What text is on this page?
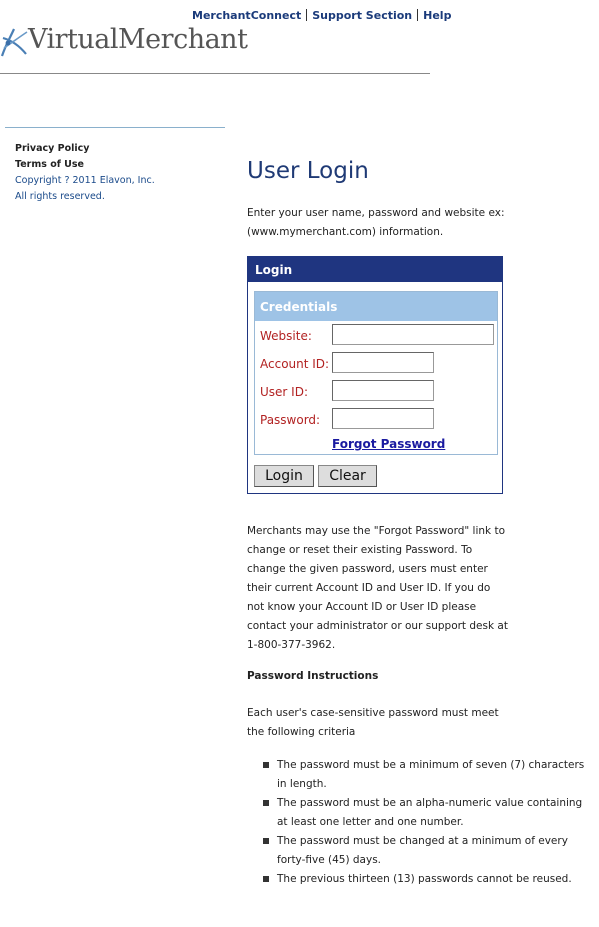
MerchantConnect Support Section Help
VirtualMerchant
Privacy Policy
Terms of Use
Copyright ? 2011 Elavon, Inc.
All rights reserved.
User Login
Enter your user name, password and website ex: (www.mymerchant.com) information.
Login
Credentials
Website:
Account ID:
User ID:
Password:
Forgot Password
Login	Clear
Merchants may use the "Forgot Password" link to change or reset their existing Password. To change the given password, users must enter their current Account ID and User ID. If you do not know your Account ID or User ID please contact your administrator or our support desk at 1-800-377-3962.
Password Instructions
Each user's case-sensitive password must meet the following criteria
The password must be a minimum of seven (7) characters in length.
The password must be an alpha-numeric value containing at least one letter and one number.
The password must be changed at a minimum of every forty-five (45) days.
The previous thirteen (13) passwords cannot be reused.
